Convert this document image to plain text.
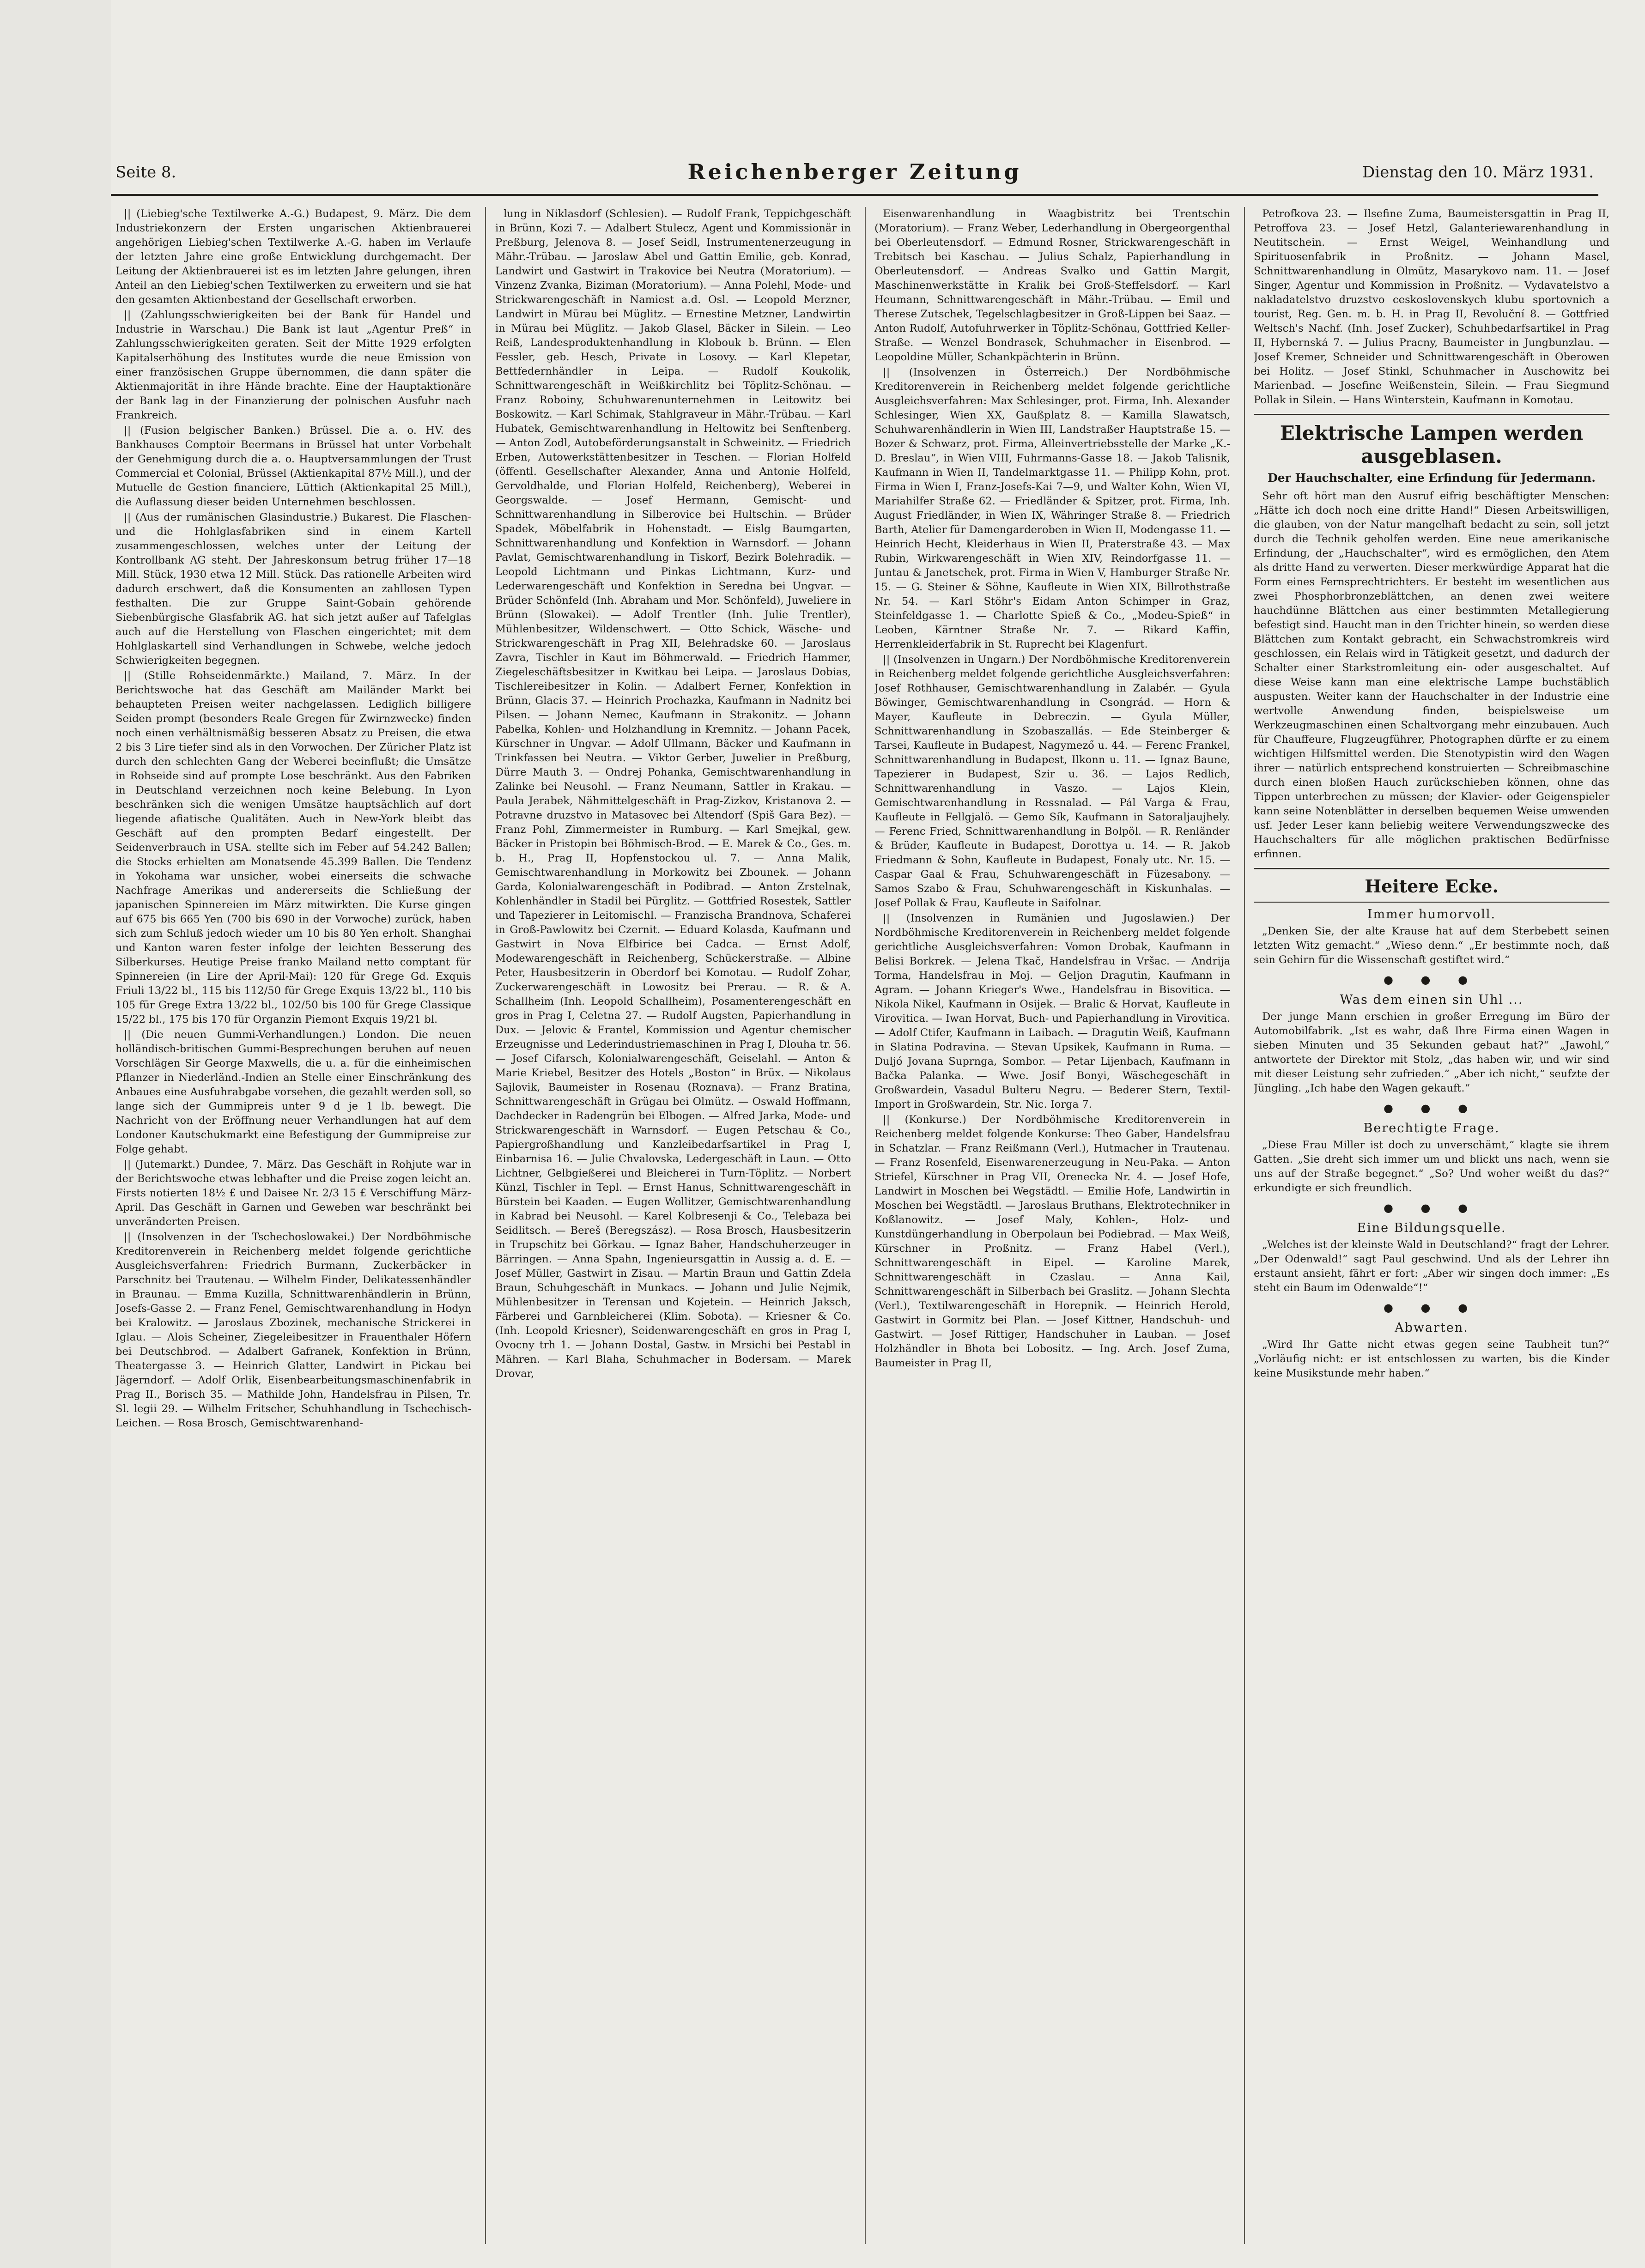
Seite 8.	Reichenberger Zeitung	Dienstag den 10. März 1931.

|| (Liebieg'sche Textilwerke A.-G.) Budapest, 9. März. Die dem Industriekonzern der Ersten ungarischen Aktienbrauerei angehörigen Liebieg'schen Textilwerke A.-G. haben im Verlaufe der letzten Jahre eine große Entwicklung durchgemacht. Der Leitung der Aktienbrauerei ist es im letzten Jahre gelungen, ihren Anteil an den Liebieg'schen Textilwerken zu erweitern und sie hat den gesamten Aktienbestand der Gesellschaft erworben.

|| (Zahlungsschwierigkeiten bei der Bank für Handel und Industrie in Warschau.) Die Bank ist laut „Agentur Preß“ in Zahlungsschwierigkeiten geraten. Seit der Mitte 1929 erfolgten Kapitalserhöhung des Institutes wurde die neue Emission von einer französischen Gruppe übernommen, die dann später die Aktienmajorität in ihre Hände brachte. Eine der Hauptaktionäre der Bank lag in der Finanzierung der polnischen Ausfuhr nach Frankreich.

|| (Fusion belgischer Banken.) Brüssel. Die a. o. HV. des Bankhauses Comptoir Beermans in Brüssel hat unter Vorbehalt der Genehmigung durch die a. o. Hauptversammlungen der Trust Commercial et Colonial, Brüssel (Aktienkapital 87½ Mill.), und der Mutuelle de Gestion financiere, Lüttich (Aktienkapital 25 Mill.), die Auflassung dieser beiden Unternehmen beschlossen.

|| (Aus der rumänischen Glasindustrie.) Bukarest. Die Flaschen- und die Hohlglasfabriken sind in einem Kartell zusammengeschlossen, welches unter der Leitung der Kontrollbank AG steht. Der Jahreskonsum betrug früher 17—18 Mill. Stück, 1930 etwa 12 Mill. Stück. Das rationelle Arbeiten wird dadurch erschwert, daß die Konsumenten an zahllosen Typen festhalten. Die zur Gruppe Saint-Gobain gehörende Siebenbürgische Glasfabrik AG. hat sich jetzt außer auf Tafelglas auch auf die Herstellung von Flaschen eingerichtet; mit dem Hohlglaskartell sind Verhandlungen in Schwebe, welche jedoch Schwierigkeiten begegnen.

|| (Stille Rohseidenmärkte.) Mailand, 7. März. In der Berichtswoche hat das Geschäft am Mailänder Markt bei behaupteten Preisen weiter nachgelassen. Lediglich billigere Seiden prompt (besonders Reale Gregen für Zwirnzwecke) finden noch einen verhältnismäßig besseren Absatz zu Preisen, die etwa 2 bis 3 Lire tiefer sind als in den Vorwochen. Der Züricher Platz ist durch den schlechten Gang der Weberei beeinflußt; die Umsätze in Rohseide sind auf prompte Lose beschränkt. Aus den Fabriken in Deutschland verzeichnen noch keine Belebung. In Lyon beschränken sich die wenigen Umsätze hauptsächlich auf dort liegende afiatische Qualitäten. Auch in New-York bleibt das Geschäft auf den prompten Bedarf eingestellt. Der Seidenverbrauch in USA. stellte sich im Feber auf 54.242 Ballen; die Stocks erhielten am Monatsende 45.399 Ballen. Die Tendenz in Yokohama war unsicher, wobei einerseits die schwache Nachfrage Amerikas und andererseits die Schließung der japanischen Spinnereien im März mitwirkten. Die Kurse gingen auf 675 bis 665 Yen (700 bis 690 in der Vorwoche) zurück, haben sich zum Schluß jedoch wieder um 10 bis 80 Yen erholt. Shanghai und Kanton waren fester infolge der leichten Besserung des Silberkurses. Heutige Preise franko Mailand netto comptant für Spinnereien (in Lire der April-Mai): 120 für Grege Gd. Exquis Friuli 13/22 bl., 115 bis 112/50 für Grege Exquis 13/22 bl., 110 bis 105 für Grege Extra 13/22 bl., 102/50 bis 100 für Grege Classique 15/22 bl., 175 bis 170 für Organzin Piemont Exquis 19/21 bl.

|| (Die neuen Gummi-Verhandlungen.) London. Die neuen holländisch-britischen Gummi-Besprechungen beruhen auf neuen Vorschlägen Sir George Maxwells, die u. a. für die einheimischen Pflanzer in Niederländ.-Indien an Stelle einer Einschränkung des Anbaues eine Ausfuhrabgabe vorsehen, die gezahlt werden soll, so lange sich der Gummipreis unter 9 d je 1 lb. bewegt. Die Nachricht von der Eröffnung neuer Verhandlungen hat auf dem Londoner Kautschukmarkt eine Befestigung der Gummipreise zur Folge gehabt.

|| (Jutemarkt.) Dundee, 7. März. Das Geschäft in Rohjute war in der Berichtswoche etwas lebhafter und die Preise zogen leicht an. Firsts notierten 18½ £ und Daisee Nr. 2/3 15 £ Verschiffung März-April. Das Geschäft in Garnen und Geweben war beschränkt bei unveränderten Preisen.

|| (Insolvenzen in der Tschechoslowakei.) Der Nordböhmische Kreditorenverein in Reichenberg meldet folgende gerichtliche Ausgleichsverfahren: Friedrich Burmann, Zuckerbäcker in Parschnitz bei Trautenau. — Wilhelm Finder, Delikatessenhändler in Braunau. — Emma Kuzilla, Schnittwarenhändlerin in Brünn, Josefs-Gasse 2. — Franz Fenel, Gemischtwarenhandlung in Hodyn bei Kralowitz. — Jaroslaus Zbozinek, mechanische Strickerei in Iglau. — Alois Scheiner, Ziegeleibesitzer in Frauenthaler Höfern bei Deutschbrod. — Adalbert Gafranek, Konfektion in Brünn, Theatergasse 3. — Heinrich Glatter, Landwirt in Pickau bei Jägerndorf. — Adolf Orlik, Eisenbearbeitungsmaschinenfabrik in Prag II., Borisch 35. — Mathilde John, Handelsfrau in Pilsen, Tr. Sl. legii 29. — Wilhelm Fritscher, Schuhhandlung in Tschechisch-Leichen. — Rosa Brosch, Gemischtwarenhand-

lung in Niklasdorf (Schlesien). — Rudolf Frank, Teppichgeschäft in Brünn, Kozi 7. — Adalbert Stulecz, Agent und Kommissionär in Preßburg, Jelenova 8. — Josef Seidl, Instrumentenerzeugung in Mähr.-Trübau. — Jaroslaw Abel und Gattin Emilie, geb. Konrad, Landwirt und Gastwirt in Trakovice bei Neutra (Moratorium). — Vinzenz Zvanka, Biziman (Moratorium). — Anna Polehl, Mode- und Strickwarengeschäft in Namiest a.d. Osl. — Leopold Merzner, Landwirt in Mürau bei Müglitz. — Ernestine Metzner, Landwirtin in Mürau bei Müglitz. — Jakob Glasel, Bäcker in Silein. — Leo Reiß, Landesproduktenhandlung in Klobouk b. Brünn. — Elen Fessler, geb. Hesch, Private in Losovy. — Karl Klepetar, Bettfedernhändler in Leipa. — Rudolf Koukolik, Schnittwarengeschäft in Weißkirchlitz bei Töplitz-Schönau. — Franz Roboiny, Schuhwarenunternehmen in Leitowitz bei Boskowitz. — Karl Schimak, Stahlgraveur in Mähr.-Trübau. — Karl Hubatek, Gemischtwarenhandlung in Heltowitz bei Senftenberg. — Anton Zodl, Autobeförderungsanstalt in Schweinitz. — Friedrich Erben, Autowerkstättenbesitzer in Teschen. — Florian Holfeld (öffentl. Gesellschafter Alexander, Anna und Antonie Holfeld, Gervoldhalde, und Florian Holfeld, Reichenberg), Weberei in Georgswalde. — Josef Hermann, Gemischt- und Schnittwarenhandlung in Silberovice bei Hultschin. — Brüder Spadek, Möbelfabrik in Hohenstadt. — Eislg Baumgarten, Schnittwarenhandlung und Konfektion in Warnsdorf. — Johann Pavlat, Gemischtwarenhandlung in Tiskorf, Bezirk Bolehradik. — Leopold Lichtmann und Pinkas Lichtmann, Kurz- und Lederwarengeschäft und Konfektion in Seredna bei Ungvar. — Brüder Schönfeld (Inh. Abraham und Mor. Schönfeld), Juweliere in Brünn (Slowakei). — Adolf Trentler (Inh. Julie Trentler), Mühlenbesitzer, Wildenschwert. — Otto Schick, Wäsche- und Strickwarengeschäft in Prag XII, Belehradske 60. — Jaroslaus Zavra, Tischler in Kaut im Böhmerwald. — Friedrich Hammer, Ziegeleschäftsbesitzer in Kwitkau bei Leipa. — Jaroslaus Dobias, Tischlereibesitzer in Kolin. — Adalbert Ferner, Konfektion in Brünn, Glacis 37. — Heinrich Prochazka, Kaufmann in Nadnitz bei Pilsen. — Johann Nemec, Kaufmann in Strakonitz. — Johann Pabelka, Kohlen- und Holzhandlung in Kremnitz. — Johann Pacek, Kürschner in Ungvar. — Adolf Ullmann, Bäcker und Kaufmann in Trinkfassen bei Neutra. — Viktor Gerber, Juwelier in Preßburg, Dürre Mauth 3. — Ondrej Pohanka, Gemischtwarenhandlung in Zalinke bei Neusohl. — Franz Neumann, Sattler in Krakau. — Paula Jerabek, Nähmittelgeschäft in Prag-Zizkov, Kristanova 2. — Potravne druzstvo in Matasovec bei Altendorf (Spiš Gara Bez). — Franz Pohl, Zimmermeister in Rumburg. — Karl Smejkal, gew. Bäcker in Pristopin bei Böhmisch-Brod. — E. Marek & Co., Ges. m. b. H., Prag II, Hopfenstockou ul. 7. — Anna Malik, Gemischtwarenhandlung in Morkowitz bei Zbounek. — Johann Garda, Kolonialwarengeschäft in Podibrad. — Anton Zrstelnak, Kohlenhändler in Stadil bei Pürglitz. — Gottfried Rosestek, Sattler und Tapezierer in Leitomischl. — Franzischa Brandnova, Schaferei in Groß-Pawlowitz bei Czernit. — Eduard Kolasda, Kaufmann und Gastwirt in Nova Elfbirice bei Cadca. — Ernst Adolf, Modewarengeschäft in Reichenberg, Schückerstraße. — Albine Peter, Hausbesitzerin in Oberdorf bei Komotau. — Rudolf Zohar, Zuckerwarengeschäft in Lowositz bei Prerau. — R. & A. Schallheim (Inh. Leopold Schallheim), Posamenterengeschäft en gros in Prag I, Celetna 27. — Rudolf Augsten, Papierhandlung in Dux. — Jelovic & Frantel, Kommission und Agentur chemischer Erzeugnisse und Lederindustriemaschinen in Prag I, Dlouha tr. 56. — Josef Cifarsch, Kolonialwarengeschäft, Geiselahl. — Anton & Marie Kriebel, Besitzer des Hotels „Boston“ in Brüx. — Nikolaus Sajlovik, Baumeister in Rosenau (Roznava). — Franz Bratina, Schnittwarengeschäft in Grügau bei Olmütz. — Oswald Hoffmann, Dachdecker in Radengrün bei Elbogen. — Alfred Jarka, Mode- und Strickwarengeschäft in Warnsdorf. — Eugen Petschau & Co., Papiergroßhandlung und Kanzleibedarfsartikel in Prag I, Einbarnisa 16. — Julie Chvalovska, Ledergeschäft in Laun. — Otto Lichtner, Gelbgießerei und Bleicherei in Turn-Töplitz. — Norbert Künzl, Tischler in Tepl. — Ernst Hanus, Schnittwarengeschäft in Bürstein bei Kaaden. — Eugen Wollitzer, Gemischtwarenhandlung in Kabrad bei Neusohl. — Karel Kolbresenji & Co., Telebaza bei Seidlitsch. — Bereš (Beregszász). — Rosa Brosch, Hausbesitzerin in Trupschitz bei Görkau. — Ignaz Baher, Handschuherzeuger in Bärringen. — Anna Spahn, Ingenieursgattin in Aussig a. d. E. — Josef Müller, Gastwirt in Zisau. — Martin Braun und Gattin Zdela Braun, Schuhgeschäft in Munkacs. — Johann und Julie Nejmik, Mühlenbesitzer in Terensan und Kojetein. — Heinrich Jaksch, Färberei und Garnbleicherei (Klim. Sobota). — Kriesner & Co. (Inh. Leopold Kriesner), Seidenwarengeschäft en gros in Prag I, Ovocny trh 1. — Johann Dostal, Gastw. in Mrsichi bei Pestabl in Mähren. — Karl Blaha, Schuhmacher in Bodersam. — Marek Drovar,

Eisenwarenhandlung in Waagbistritz bei Trentschin (Moratorium). — Franz Weber, Lederhandlung in Obergeorgenthal bei Oberleutensdorf. — Edmund Rosner, Strickwarengeschäft in Trebitsch bei Kaschau. — Julius Schalz, Papierhandlung in Oberleutensdorf. — Andreas Svalko und Gattin Margit, Maschinenwerkstätte in Kralik bei Groß-Steffelsdorf. — Karl Heumann, Schnittwarengeschäft in Mähr.-Trübau. — Emil und Therese Zutschek, Tegelschlagbesitzer in Groß-Lippen bei Saaz. — Anton Rudolf, Autofuhrwerker in Töplitz-Schönau, Gottfried Keller-Straße. — Wenzel Bondrasek, Schuhmacher in Eisenbrod. — Leopoldine Müller, Schankpächterin in Brünn.

|| (Insolvenzen in Österreich.) Der Nordböhmische Kreditorenverein in Reichenberg meldet folgende gerichtliche Ausgleichsverfahren: Max Schlesinger, prot. Firma, Inh. Alexander Schlesinger, Wien XX, Gaußplatz 8. — Kamilla Slawatsch, Schuhwarenhändlerin in Wien III, Landstraßer Hauptstraße 15. — Bozer & Schwarz, prot. Firma, Alleinvertriebsstelle der Marke „K.-D. Breslau“, in Wien VIII, Fuhrmanns-Gasse 18. — Jakob Talisnik, Kaufmann in Wien II, Tandelmarktgasse 11. — Philipp Kohn, prot. Firma in Wien I, Franz-Josefs-Kai 7—9, und Walter Kohn, Wien VI, Mariahilfer Straße 62. — Friedländer & Spitzer, prot. Firma, Inh. August Friedländer, in Wien IX, Währinger Straße 8. — Friedrich Barth, Atelier für Damengarderoben in Wien II, Modengasse 11. — Heinrich Hecht, Kleiderhaus in Wien II, Praterstraße 43. — Max Rubin, Wirkwarengeschäft in Wien XIV, Reindorfgasse 11. — Juntau & Janetschek, prot. Firma in Wien V, Hamburger Straße Nr. 15. — G. Steiner & Söhne, Kaufleute in Wien XIX, Billrothstraße Nr. 54. — Karl Stöhr's Eidam Anton Schimper in Graz, Steinfeldgasse 1. — Charlotte Spieß & Co., „Modeu-Spieß“ in Leoben, Kärntner Straße Nr. 7. — Rikard Kaffin, Herrenkleiderfabrik in St. Ruprecht bei Klagenfurt.

|| (Insolvenzen in Ungarn.) Der Nordböhmische Kreditorenverein in Reichenberg meldet folgende gerichtliche Ausgleichsverfahren: Josef Rothhauser, Gemischtwarenhandlung in Zalabér. — Gyula Böwinger, Gemischtwarenhandlung in Csongrád. — Horn & Mayer, Kaufleute in Debreczin. — Gyula Müller, Schnittwarenhandlung in Szobaszallás. — Ede Steinberger & Tarsei, Kaufleute in Budapest, Nagymező u. 44. — Ferenc Frankel, Schnittwarenhandlung in Budapest, Ilkonn u. 11. — Ignaz Baune, Tapezierer in Budapest, Szir u. 36. — Lajos Redlich, Schnittwarenhandlung in Vaszo. — Lajos Klein, Gemischtwarenhandlung in Ressnalad. — Pál Varga & Frau, Kaufleute in Fellgjalö. — Gemo Sík, Kaufmann in Satoraljaujhely. — Ferenc Fried, Schnittwarenhandlung in Bolpöl. — R. Renländer & Brüder, Kaufleute in Budapest, Dorottya u. 14. — R. Jakob Friedmann & Sohn, Kaufleute in Budapest, Fonaly utc. Nr. 15. — Caspar Gaal & Frau, Schuhwarengeschäft in Füzesabony. — Samos Szabo & Frau, Schuhwarengeschäft in Kiskunhalas. — Josef Pollak & Frau, Kaufleute in Saifolnar.

|| (Insolvenzen in Rumänien und Jugoslawien.) Der Nordböhmische Kreditorenverein in Reichenberg meldet folgende gerichtliche Ausgleichsverfahren: Vomon Drobak, Kaufmann in Belisi Borkrek. — Jelena Tkač, Handelsfrau in Vršac. — Andrija Torma, Handelsfrau in Moj. — Geljon Dragutin, Kaufmann in Agram. — Johann Krieger's Wwe., Handelsfrau in Bisovitica. — Nikola Nikel, Kaufmann in Osijek. — Bralic & Horvat, Kaufleute in Virovitica. — Iwan Horvat, Buch- und Papierhandlung in Virovitica. — Adolf Ctifer, Kaufmann in Laibach. — Dragutin Weiß, Kaufmann in Slatina Podravina. — Stevan Upsikek, Kaufmann in Ruma. — Duljó Jovana Suprnga, Sombor. — Petar Lijenbach, Kaufmann in Bačka Palanka. — Wwe. Josif Bonyi, Wäschegeschäft in Großwardein, Vasadul Bulteru Negru. — Bederer Stern, Textil-Import in Großwardein, Str. Nic. Iorga 7.

|| (Konkurse.) Der Nordböhmische Kreditorenverein in Reichenberg meldet folgende Konkurse: Theo Gaber, Handelsfrau in Schatzlar. — Franz Reißmann (Verl.), Hutmacher in Trautenau. — Franz Rosenfeld, Eisenwarenerzeugung in Neu-Paka. — Anton Striefel, Kürschner in Prag VII, Orenecka Nr. 4. — Josef Hofe, Landwirt in Moschen bei Wegstädtl. — Emilie Hofe, Landwirtin in Moschen bei Wegstädtl. — Jaroslaus Bruthans, Elektrotechniker in Koßlanowitz. — Josef Maly, Kohlen-, Holz- und Kunstdüngerhandlung in Oberpolaun bei Podiebrad. — Max Weiß, Kürschner in Proßnitz. — Franz Habel (Verl.), Schnittwarengeschäft in Eipel. — Karoline Marek, Schnittwarengeschäft in Czaslau. — Anna Kail, Schnittwarengeschäft in Silberbach bei Graslitz. — Johann Slechta (Verl.), Textilwarengeschäft in Horepnik. — Heinrich Herold, Gastwirt in Gormitz bei Plan. — Josef Kittner, Handschuh- und Gastwirt. — Josef Rittiger, Handschuher in Lauban. — Josef Holzhändler in Bhota bei Lobositz. — Ing. Arch. Josef Zuma, Baumeister in Prag II,

Petrofkova 23. — Ilsefine Zuma, Baumeistersgattin in Prag II, Petroffova 23. — Josef Hetzl, Galanteriewarenhandlung in Neutitschein. — Ernst Weigel, Weinhandlung und Spirituosenfabrik in Proßnitz. — Johann Masel, Schnittwarenhandlung in Olmütz, Masarykovo nam. 11. — Josef Singer, Agentur und Kommission in Proßnitz. — Vydavatelstvo a nakladatelstvo druzstvo ceskoslovenskych klubu sportovnich a tourist, Reg. Gen. m. b. H. in Prag II, Revoluční 8. — Gottfried Weltsch's Nachf. (Inh. Josef Zucker), Schuhbedarfsartikel in Prag II, Hybernská 7. — Julius Pracny, Baumeister in Jungbunzlau. — Josef Kremer, Schneider und Schnittwarengeschäft in Oberowen bei Holitz. — Josef Stinkl, Schuhmacher in Auschowitz bei Marienbad. — Josefine Weißenstein, Silein. — Frau Siegmund Pollak in Silein. — Hans Winterstein, Kaufmann in Komotau.

Elektrische Lampen werden ausgeblasen.
Der Hauchschalter, eine Erfindung für Jedermann.

Sehr oft hört man den Ausruf eifrig beschäftigter Menschen: „Hätte ich doch noch eine dritte Hand!“ Diesen Arbeitswilligen, die glauben, von der Natur mangelhaft bedacht zu sein, soll jetzt durch die Technik geholfen werden. Eine neue amerikanische Erfindung, der „Hauchschalter“, wird es ermöglichen, den Atem als dritte Hand zu verwerten. Dieser merkwürdige Apparat hat die Form eines Fernsprechtrichters. Er besteht im wesentlichen aus zwei Phosphorbronzeblättchen, an denen zwei weitere hauchdünne Blättchen aus einer bestimmten Metallegierung befestigt sind. Haucht man in den Trichter hinein, so werden diese Blättchen zum Kontakt gebracht, ein Schwachstromkreis wird geschlossen, ein Relais wird in Tätigkeit gesetzt, und dadurch der Schalter einer Starkstromleitung ein- oder ausgeschaltet. Auf diese Weise kann man eine elektrische Lampe buchstäblich auspusten. Weiter kann der Hauchschalter in der Industrie eine wertvolle Anwendung finden, beispielsweise um Werkzeugmaschinen einen Schaltvorgang mehr einzubauen. Auch für Chauffeure, Flugzeugführer, Photographen dürfte er zu einem wichtigen Hilfsmittel werden. Die Stenotypistin wird den Wagen ihrer — natürlich entsprechend konstruierten — Schreibmaschine durch einen bloßen Hauch zurückschieben können, ohne das Tippen unterbrechen zu müssen; der Klavier- oder Geigenspieler kann seine Notenblätter in derselben bequemen Weise umwenden usf. Jeder Leser kann beliebig weitere Verwendungszwecke des Hauchschalters für alle möglichen praktischen Bedürfnisse erfinnen.

Heitere Ecke.
Immer humorvoll.

„Denken Sie, der alte Krause hat auf dem Sterbebett seinen letzten Witz gemacht.“ „Wieso denn.“ „Er bestimmte noch, daß sein Gehirn für die Wissenschaft gestiftet wird.“

● ● ●
Was dem einen sin Uhl ...

Der junge Mann erschien in großer Erregung im Büro der Automobilfabrik. „Ist es wahr, daß Ihre Firma einen Wagen in sieben Minuten und 35 Sekunden gebaut hat?“ „Jawohl,“ antwortete der Direktor mit Stolz, „das haben wir, und wir sind mit dieser Leistung sehr zufrieden.“ „Aber ich nicht,“ seufzte der Jüngling. „Ich habe den Wagen gekauft.“

● ● ●
Berechtigte Frage.

„Diese Frau Miller ist doch zu unverschämt,“ klagte sie ihrem Gatten. „Sie dreht sich immer um und blickt uns nach, wenn sie uns auf der Straße begegnet.“ „So? Und woher weißt du das?“ erkundigte er sich freundlich.

● ● ●
Eine Bildungsquelle.

„Welches ist der kleinste Wald in Deutschland?“ fragt der Lehrer. „Der Odenwald!“ sagt Paul geschwind. Und als der Lehrer ihn erstaunt ansieht, fährt er fort: „Aber wir singen doch immer: „Es steht ein Baum im Odenwalde“!“

● ● ●
Abwarten.

„Wird Ihr Gatte nicht etwas gegen seine Taubheit tun?“ „Vorläufig nicht: er ist entschlossen zu warten, bis die Kinder keine Musikstunde mehr haben.“
